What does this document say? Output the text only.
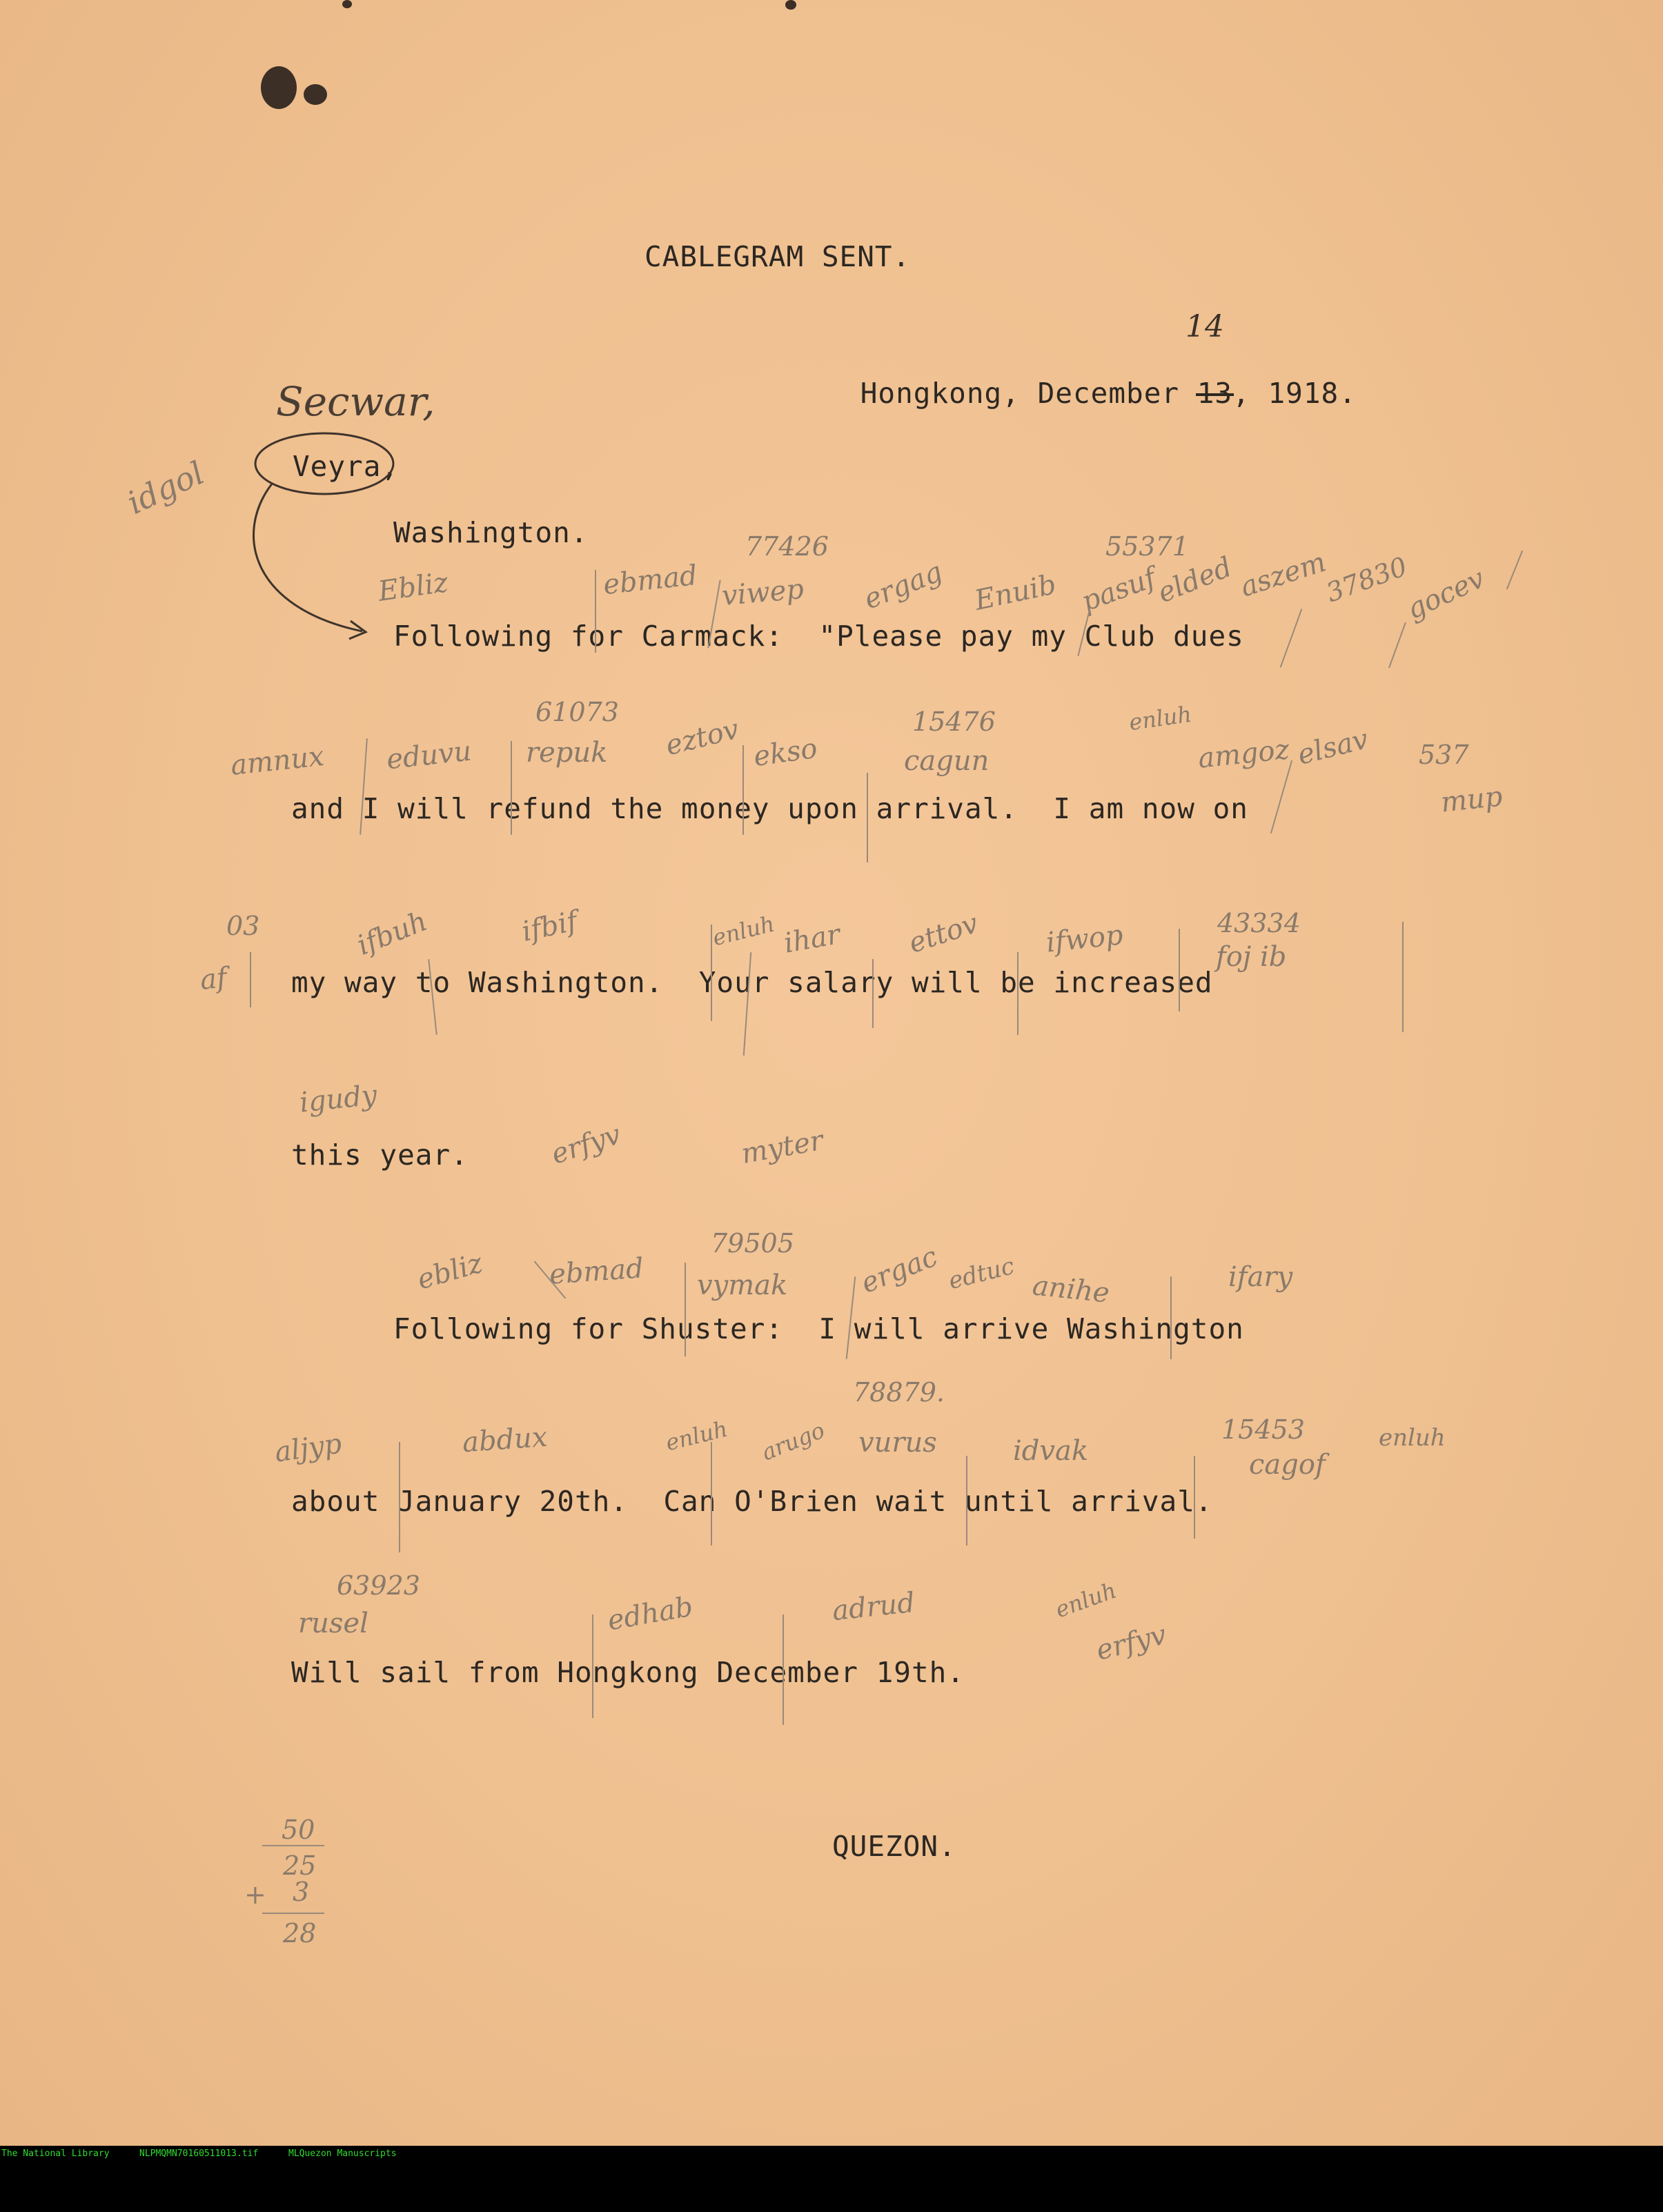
CABLEGRAM SENT.

Hongkong, December 13, 1918.

14
Secwar,
Veyra,
Washington.
idgol
Following for Carmack:  "Please pay my Club dues
and I will refund the money upon arrival.  I am now on
my way to Washington.  Your salary will be increased
this year.
Following for Shuster:  I will arrive Washington
about January 20th.  Can O'Brien wait until arrival.
Will sail from Hongkong December 19th.
QUEZON.
Ebliz	ebmad
77426
viwep ergag Enuib
55371
pasuf
elded aszem
37830
gocev
amnux eduvu
61073
repuk eztov ekso
15476
cagun
enluh
amgoz elsav 537
mup
03
af
ifbuh	ifbif	enluh ihar ettov ifwop	43334
foj ib
igudy
erfyv	myter
ebliz ebmad
79505
vymak	ergac edtuc anihe	ifary
aljyp	abdux	enluh arugo
78879.
vurus	idvak
15453
cagof
enluh
63923
rusel	edhab	adrud	enluh
erfyv
50
25
+ 3
28

The National Library

	NLPMQMN70160511013.tif

	MLQuezon Manuscripts
